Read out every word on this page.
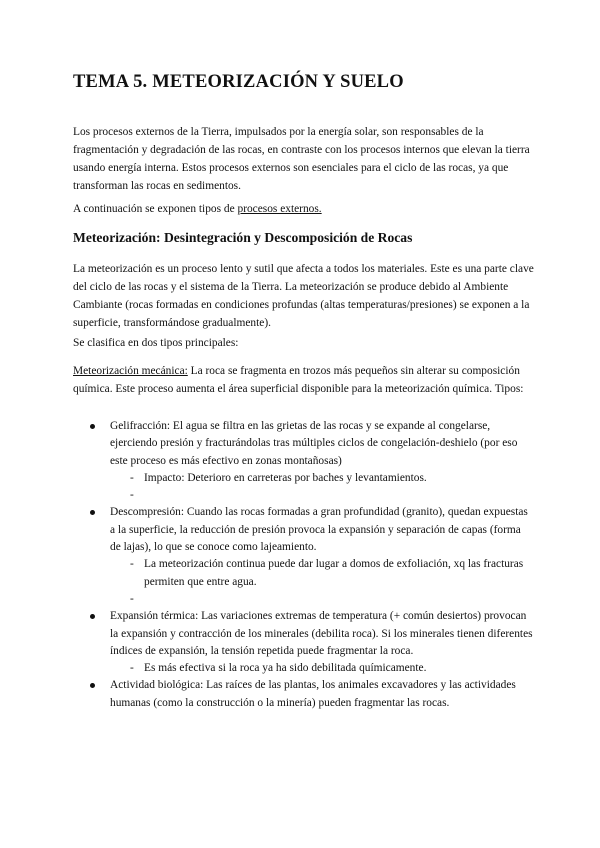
TEMA 5. METEORIZACIÓN Y SUELO

Los procesos externos de la Tierra, impulsados por la energía solar, son responsables de la fragmentación y degradación de las rocas, en contraste con los procesos internos que elevan la tierra usando energía interna. Estos procesos externos son esenciales para el ciclo de las rocas, ya que transforman las rocas en sedimentos.

A continuación se exponen tipos de procesos externos.

Meteorización: Desintegración y Descomposición de Rocas

La meteorización es un proceso lento y sutil que afecta a todos los materiales. Este es una parte clave del ciclo de las rocas y el sistema de la Tierra. La meteorización se produce debido al Ambiente Cambiante (rocas formadas en condiciones profundas (altas temperaturas/presiones) se exponen a la superficie, transformándose gradualmente).

Se clasifica en dos tipos principales:

Meteorización mecánica: La roca se fragmenta en trozos más pequeños sin alterar su composición química. Este proceso aumenta el área superficial disponible para la meteorización química. Tipos:

Gelifracción: El agua se filtra en las grietas de las rocas y se expande al congelarse, ejerciendo presión y fracturándolas tras múltiples ciclos de congelación-deshielo (por eso este proceso es más efectivo en zonas montañosas)
- Impacto: Deterioro en carreteras por baches y levantamientos.
-

Descompresión: Cuando las rocas formadas a gran profundidad (granito), quedan expuestas a la superficie, la reducción de presión provoca la expansión y separación de capas (forma de lajas), lo que se conoce como lajeamiento.
- La meteorización continua puede dar lugar a domos de exfoliación, xq las fracturas permiten que entre agua.
-

Expansión térmica: Las variaciones extremas de temperatura (+ común desiertos) provocan la expansión y contracción de los minerales (debilita roca). Si los minerales tienen diferentes índices de expansión, la tensión repetida puede fragmentar la roca.
- Es más efectiva si la roca ya ha sido debilitada químicamente.
Actividad biológica: Las raíces de las plantas, los animales excavadores y las actividades humanas (como la construcción o la minería) pueden fragmentar las rocas.
